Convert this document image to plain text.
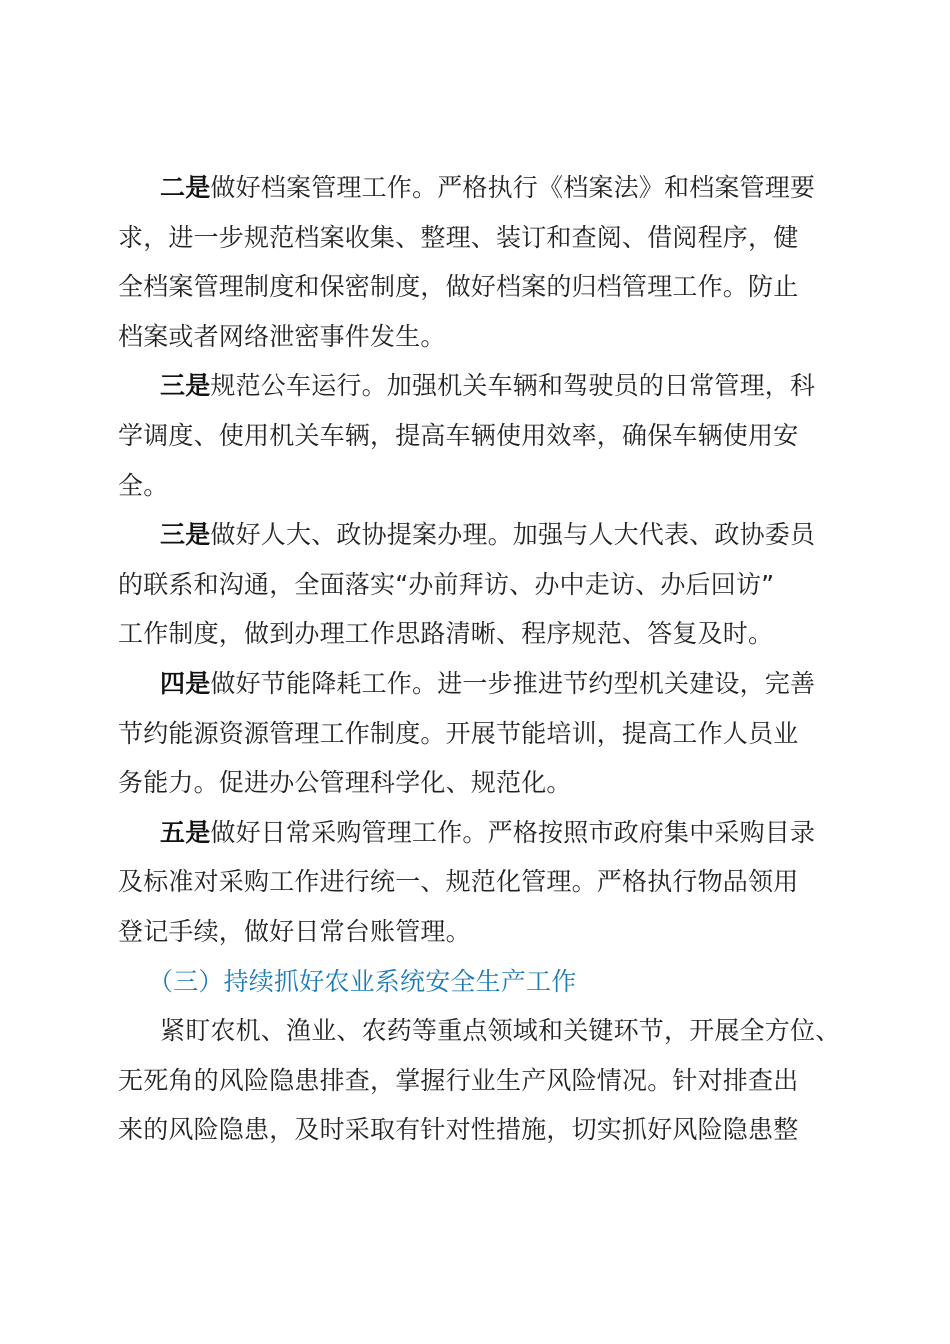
二是做好档案管理工作。严格执行《档案法》和档案管理要
求，进一步规范档案收集、整理、装订和查阅、借阅程序，健
全档案管理制度和保密制度，做好档案的归档管理工作。防止
档案或者网络泄密事件发生。
三是规范公车运行。加强机关车辆和驾驶员的日常管理，科
学调度、使用机关车辆，提高车辆使用效率，确保车辆使用安
全。
三是做好人大、政协提案办理。加强与人大代表、政协委员
的联系和沟通，全面落实“办前拜访、办中走访、办后回访”
工作制度，做到办理工作思路清晰、程序规范、答复及时。
四是做好节能降耗工作。进一步推进节约型机关建设，完善
节约能源资源管理工作制度。开展节能培训，提高工作人员业
务能力。促进办公管理科学化、规范化。
五是做好日常采购管理工作。严格按照市政府集中采购目录
及标准对采购工作进行统一、规范化管理。严格执行物品领用
登记手续，做好日常台账管理。
（三）持续抓好农业系统安全生产工作
紧盯农机、渔业、农药等重点领域和关键环节，开展全方位、
无死角的风险隐患排查，掌握行业生产风险情况。针对排查出
来的风险隐患，及时采取有针对性措施，切实抓好风险隐患整
